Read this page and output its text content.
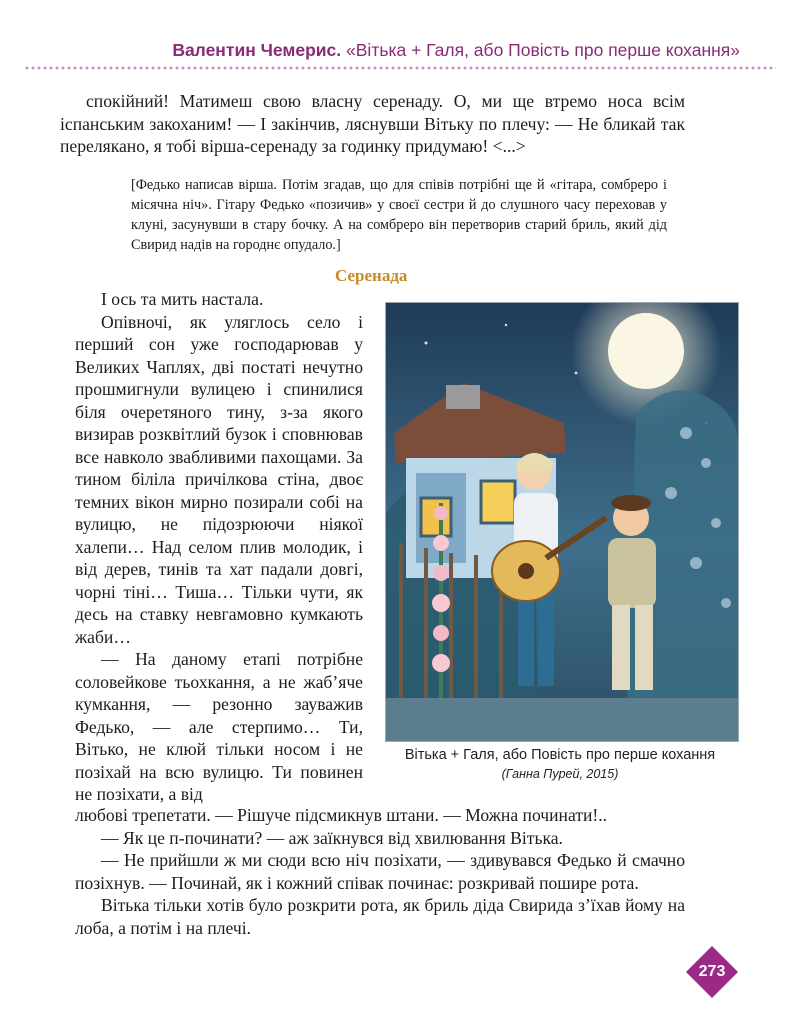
Валентин Чемерис. «Вітька + Галя, або Повість про перше кохання»

спокійний! Матимеш свою власну серенаду. О, ми ще втремо носа всім іспанським закоханим! — І закінчив, ляснувши Вітьку по плечу: — Не бликай так перелякано, я тобі вірша-серенаду за годинку придумаю! <...>

[Федько написав вірша. Потім згадав, що для співів потрібні ще й «гітара, сомбреро і місячна ніч». Гітару Федько «позичив» у своєї сестри й до слушного часу переховав у клуні, засунувши в стару бочку. А на сомбреро він перетворив старий бриль, який дід Свирид надів на городнє опудало.]

Серенада

І ось та мить настала.

Опівночі, як уляглось село і перший сон уже господарював у Великих Чаплях, дві постаті нечутно прошмигнули вулицею і спинилися біля очеретяного тину, з-за якого визирав розквітлий бузок і сповнював все навколо звабливими пахощами. За тином біліла причілкова стіна, двоє темних вікон мирно позирали собі на вулицю, не підозрюючи ніякої халепи… Над селом плив молодик, і від дерев, тинів та хат падали довгі, чорні тіні… Тиша… Тільки чути, як десь на ставку невгамовно кумкають жаби…

— На даному етапі потрібне соловейкове тьохкання, а не жаб’яче кумкання, — резонно зауважив Федько, — але стерпимо… Ти, Вітько, не клюй тільки носом і не позіхай на всю вулицю. Ти повинен не позіхати, а від

Вітька + Галя, або Повість про перше кохання
(Ганна Пурей, 2015)

любові трепетати. — Рішуче підсмикнув штани. — Можна починати!..

— Як це п-починати? — аж заїкнувся від хвилювання Вітька.

— Не прийшли ж ми сюди всю ніч позіхати, — здивувався Федько й смачно позіхнув. — Починай, як і кожний співак починає: розкривай пошире рота.

Вітька тільки хотів було розкрити рота, як бриль діда Свирида з’їхав йому на лоба, а потім і на плечі.

273
